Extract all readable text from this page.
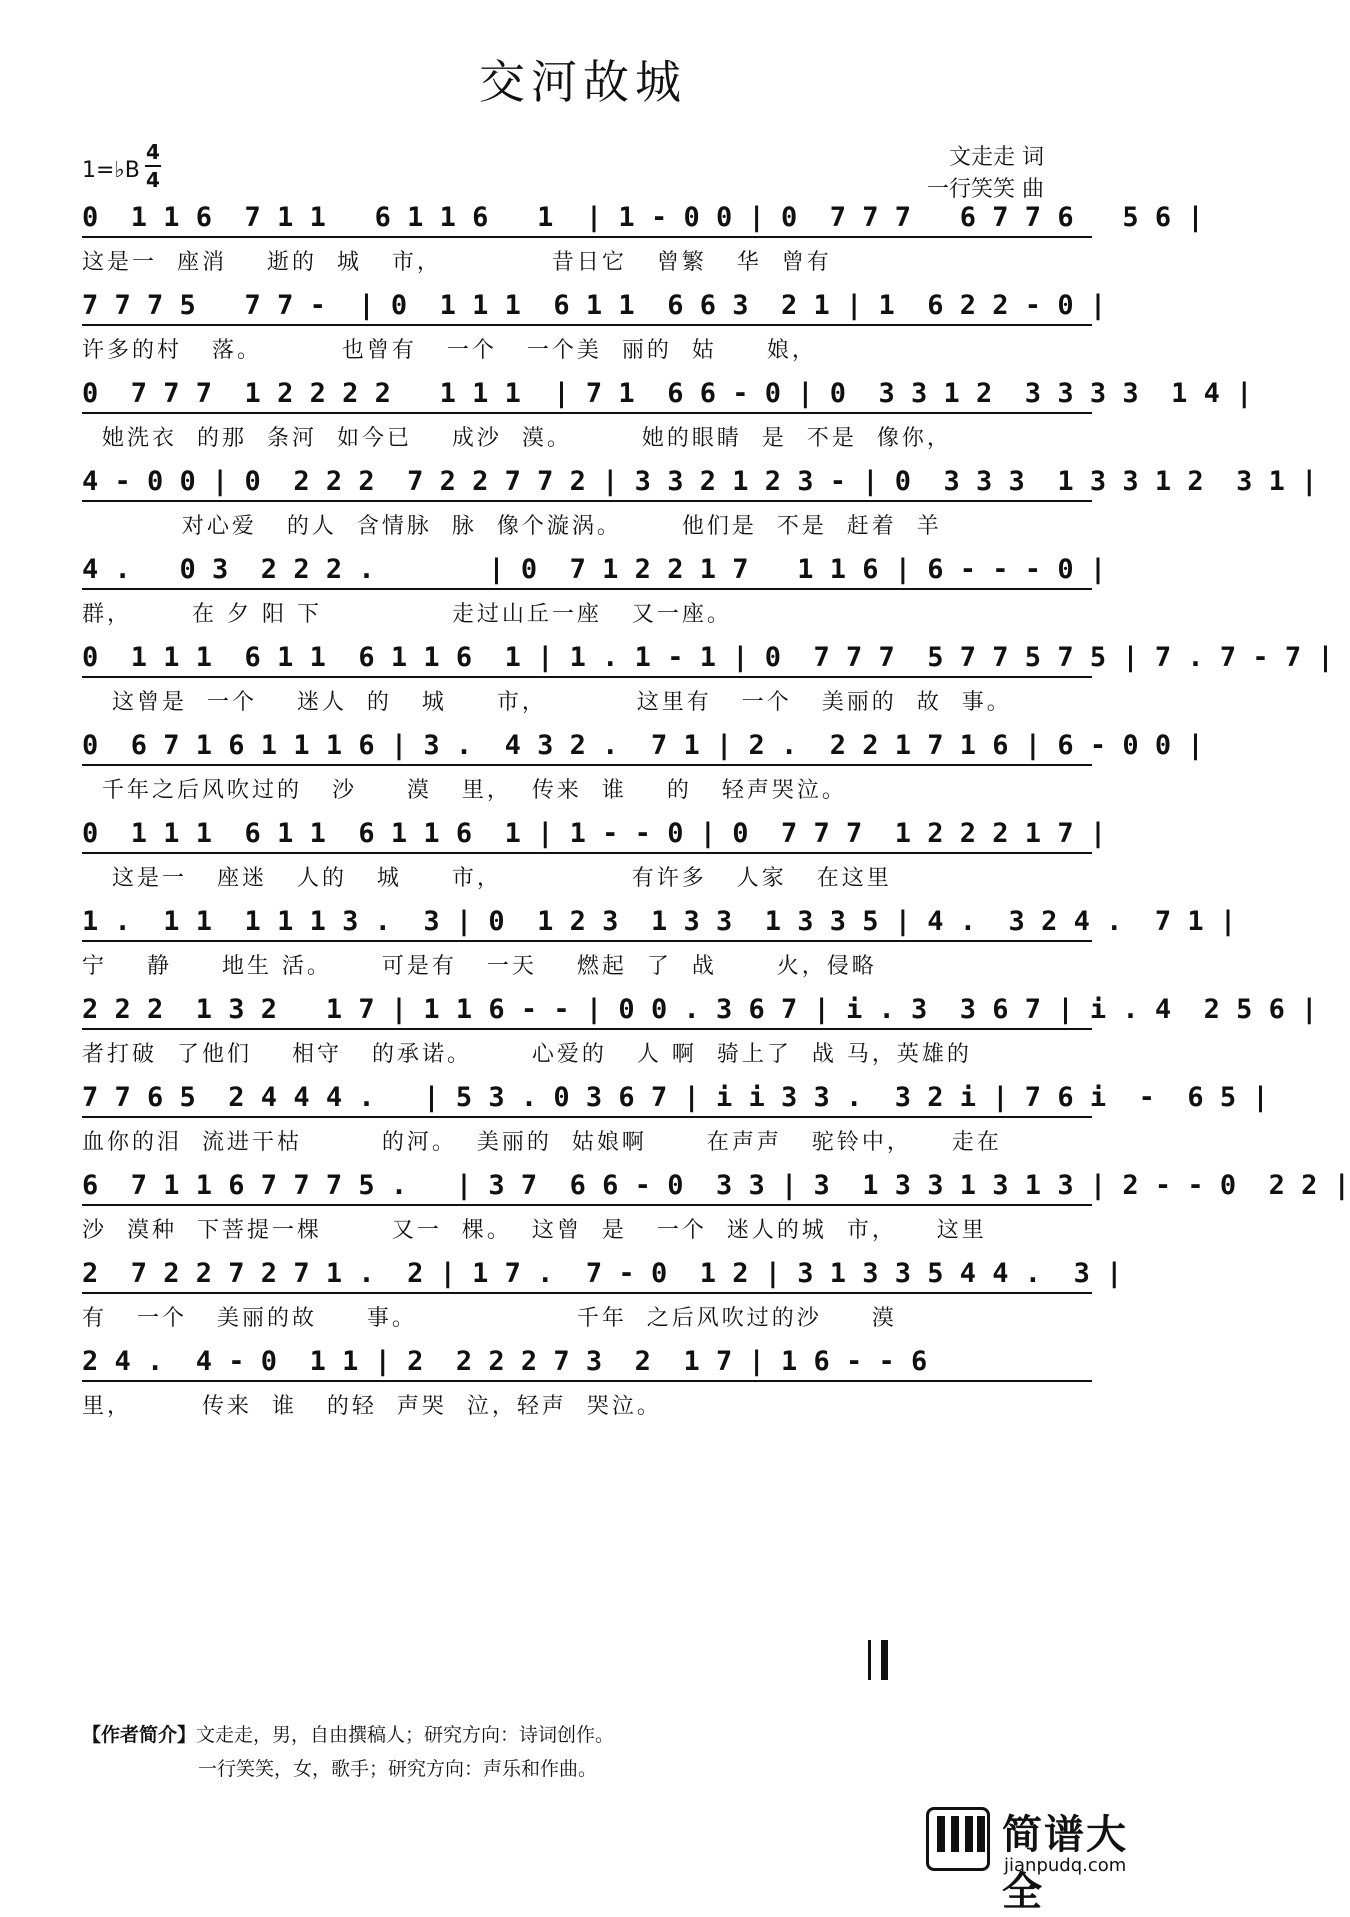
交河故城
1=♭B
4
4
文走走 词
一行笑笑 曲
0  1 1 6  7 1 1   6 1 1 6   1  | 1 - 0 0 | 0  7 7 7   6 7 7 6   5 6 |
这是一  座消    逝的  城   市，           昔日它   曾繁   华  曾有
7 7 7 5   7 7 -  | 0  1 1 1  6 1 1  6 6 3  2 1 | 1  6 2 2 - 0 |
许多的村   落。        也曾有   一个   一个美  丽的  姑     娘，
0  7 7 7  1 2 2 2 2   1 1 1  | 7 1  6 6 - 0 | 0  3 3 1 2  3 3 3 3  1 4 |
她洗衣  的那  条河  如今已    成沙  漠。       她的眼睛  是  不是  像你，
4 - 0 0 | 0  2 2 2  7 2 2 7 7 2 | 3 3 2 1 2 3 - | 0  3 3 3  1 3 3 1 2  3 1 |
对心爱   的人  含情脉  脉  像个漩涡。      他们是  不是  赶着  羊
4 .   0 3  2 2 2 .       | 0  7 1 2 2 1 7   1 1 6 | 6 - - - 0 |
群，      在 夕 阳 下             走过山丘一座   又一座。
0  1 1 1  6 1 1  6 1 1 6  1 | 1 . 1 - 1 | 0  7 7 7  5 7 7 5 7 5 | 7 . 7 - 7 |
这曾是  一个    迷人  的   城     市，         这里有   一个   美丽的  故  事。
0  6 7 1 6 1 1 1 6 | 3 .  4 3 2 .  7 1 | 2 .  2 2 1 7 1 6 | 6 - 0 0 |
千年之后风吹过的   沙     漠   里，  传来  谁    的   轻声哭泣。
0  1 1 1  6 1 1  6 1 1 6  1 | 1 - - 0 | 0  7 7 7  1 2 2 2 1 7 |
这是一   座迷   人的   城     市，             有许多   人家   在这里
1 .  1 1  1 1 1 3 .  3 | 0  1 2 3  1 3 3  1 3 3 5 | 4 .  3 2 4 .  7 1 |
宁    静     地生 活。     可是有   一天    燃起  了  战      火，侵略
2 2 2  1 3 2   1 7 | 1 1 6 - - | 0 0 . 3 6 7 | i . 3  3 6 7 | i . 4  2 5 6 |
者打破  了他们    相守   的承诺。      心爱的   人 啊  骑上了  战 马，英雄的
7 7 6 5  2 4 4 4 .   | 5 3 . 0 3 6 7 | i i 3 3 .  3 2 i | 7 6 i  -  6 5 |
血你的泪  流进干枯        的河。  美丽的  姑娘啊      在声声   驼铃中，    走在
6  7 1 1 6 7 7 7 5 .   | 3 7  6 6 - 0  3 3 | 3  1 3 3 1 3 1 3 | 2 - - 0  2 2 |
沙  漠种  下菩提一棵       又一  棵。  这曾  是   一个  迷人的城  市，    这里
2  7 2 2 7 2 7 1 .  2 | 1 7 .  7 - 0  1 2 | 3 1 3 3 5 4 4 .  3 |
有   一个   美丽的故     事。                千年  之后风吹过的沙     漠
2 4 .  4 - 0  1 1 | 2  2 2 2 7 3  2  1 7 | 1 6 - - 6
里，       传来  谁   的轻  声哭  泣，轻声  哭泣。
【作者简介】文走走，男，自由撰稿人；研究方向：诗词创作。
一行笑笑，女，歌手；研究方向：声乐和作曲。
简谱大全
jianpudq.com
